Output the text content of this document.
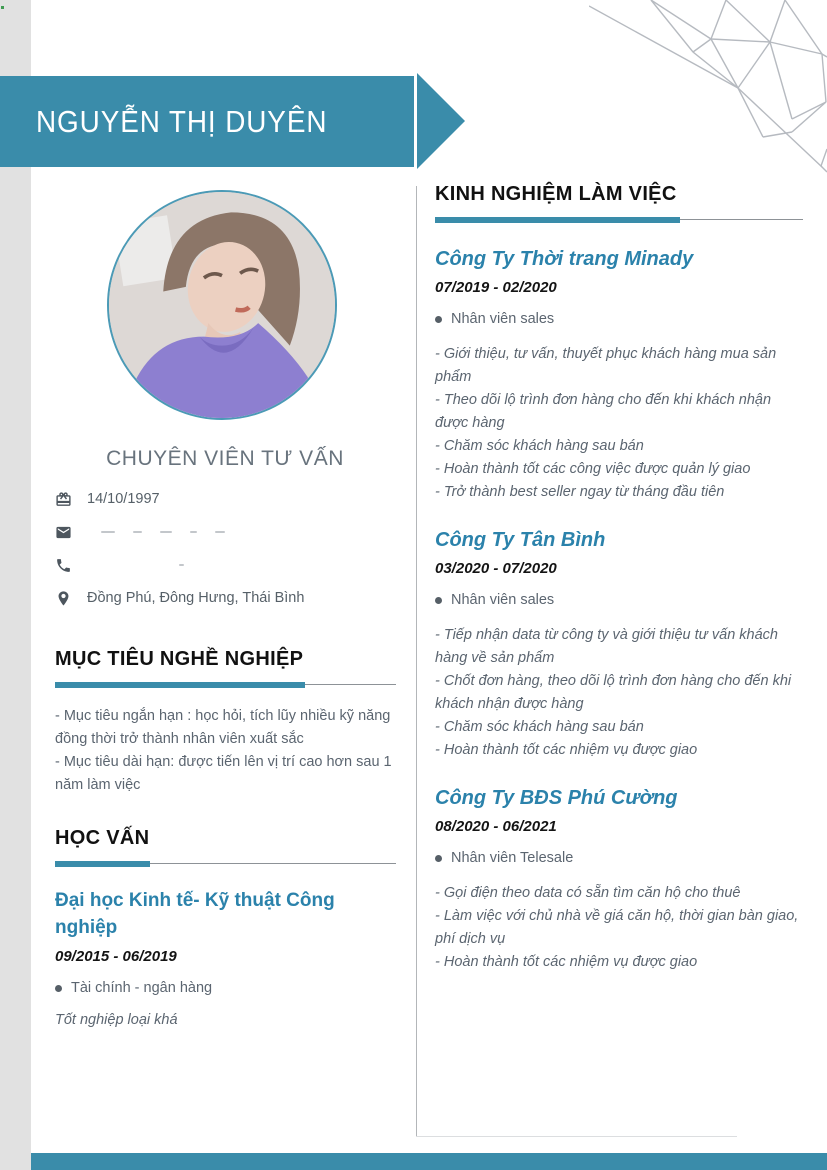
NGUYỄN THỊ DUYÊN
CHUYÊN VIÊN TƯ VẤN
14/10/1997
Đồng Phú, Đông Hưng, Thái Bình
MỤC TIÊU NGHỀ NGHIỆP
- Mục tiêu ngắn hạn : học hỏi, tích lũy nhiều kỹ năng đồng thời trở thành nhân viên xuất sắc
- Mục tiêu dài hạn: được tiến lên vị trí cao hơn sau 1 năm làm việc
HỌC VẤN
Đại học Kinh tế- Kỹ thuật Công nghiệp
09/2015 - 06/2019
Tài chính - ngân hàng
Tốt nghiệp loại khá
KINH NGHIỆM LÀM VIỆC
Công Ty Thời trang Minady
07/2019 - 02/2020
Nhân viên sales
- Giới thiệu, tư vấn, thuyết phục khách hàng mua sản phẩm
- Theo dõi lộ trình đơn hàng cho đến khi khách nhận được hàng
- Chăm sóc khách hàng sau bán
- Hoàn thành tốt các công việc được quản lý giao
- Trở thành best seller ngay từ tháng đầu tiên
Công Ty Tân Bình
03/2020 - 07/2020
Nhân viên sales
- Tiếp nhận data từ công ty và giới thiệu tư vấn khách hàng về sản phẩm
- Chốt đơn hàng, theo dõi lộ trình đơn hàng cho đến khi khách nhận được hàng
- Chăm sóc khách hàng sau bán
- Hoàn thành tốt các nhiệm vụ được giao
Công Ty BĐS Phú Cường
08/2020 - 06/2021
Nhân viên Telesale
- Gọi điện theo data có sẵn tìm căn hộ cho thuê
- Làm việc với chủ nhà về giá căn hộ, thời gian bàn giao, phí dịch vụ
- Hoàn thành tốt các nhiệm vụ được giao
